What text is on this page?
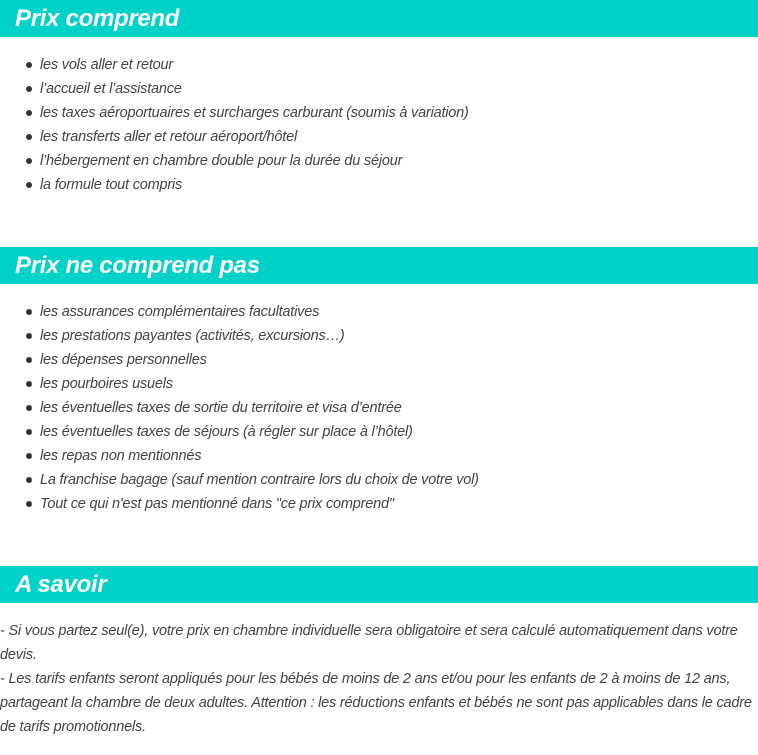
Prix comprend
les vols aller et retour
l’accueil et l’assistance
les taxes aéroportuaires et surcharges carburant (soumis à variation)
les transferts aller et retour aéroport/hôtel
l’hébergement en chambre double pour la durée du séjour
la formule tout compris
Prix ne comprend pas
les assurances complémentaires facultatives
les prestations payantes (activités, excursions…)
les dépenses personnelles
les pourboires usuels
les éventuelles taxes de sortie du territoire et visa d’entrée
les éventuelles taxes de séjours (à régler sur place à l’hôtel)
les repas non mentionnés
La franchise bagage (sauf mention contraire lors du choix de votre vol)
Tout ce qui n'est pas mentionné dans "ce prix comprend"
A savoir

- Si vous partez seul(e), votre prix en chambre individuelle sera obligatoire et sera calculé automatiquement dans votre devis.

- Les tarifs enfants seront appliqués pour les bébés de moins de 2 ans et/ou pour les enfants de 2 à moins de 12 ans, partageant la chambre de deux adultes. Attention : les réductions enfants et bébés ne sont pas applicables dans le cadre de tarifs promotionnels.
